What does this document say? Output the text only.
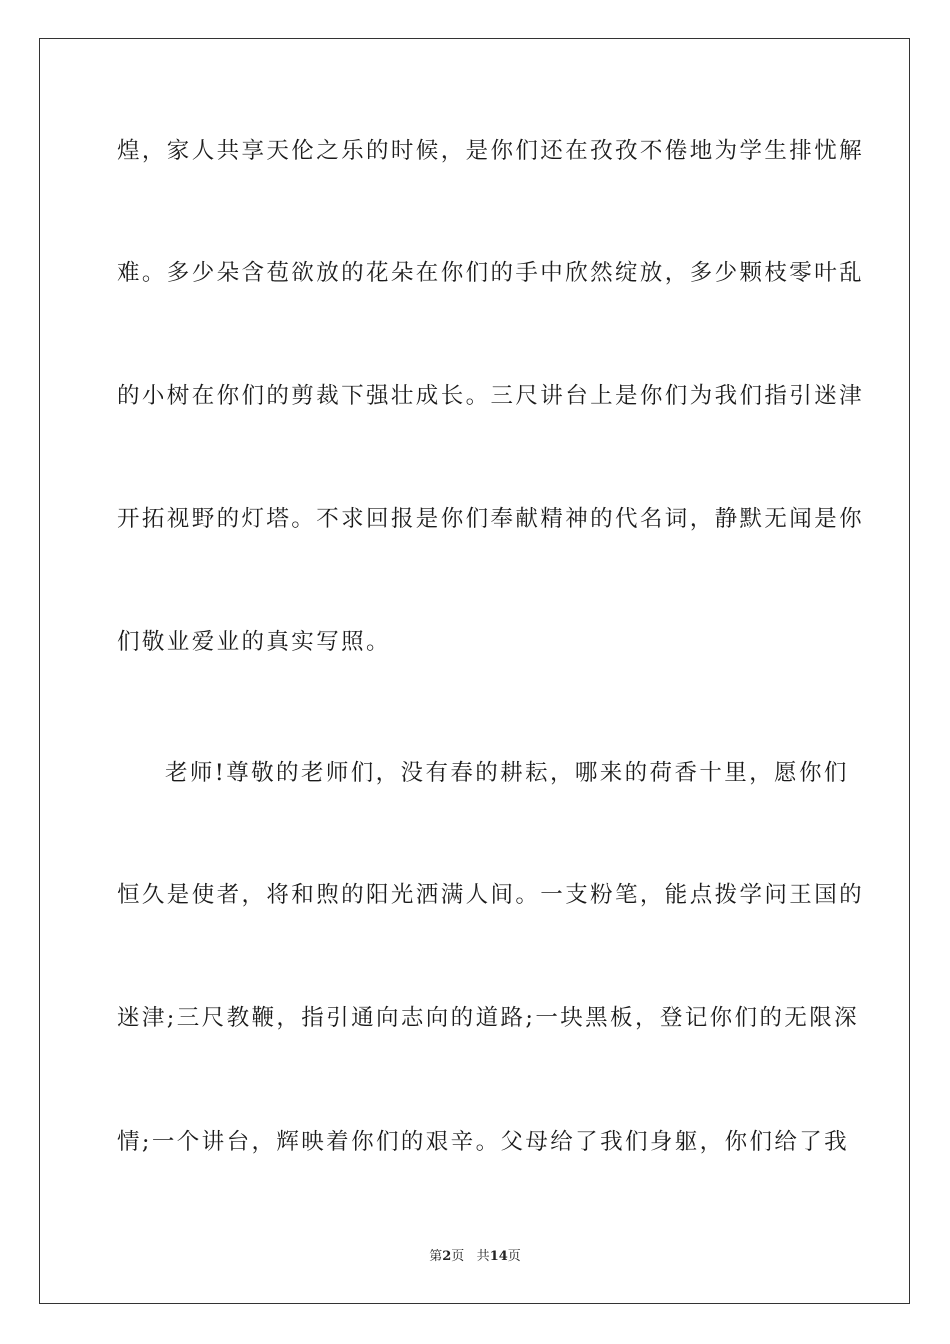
煌，家人共享天伦之乐的时候，是你们还在孜孜不倦地为学生排忧解
难。多少朵含苞欲放的花朵在你们的手中欣然绽放，多少颗枝零叶乱
的小树在你们的剪裁下强壮成长。三尺讲台上是你们为我们指引迷津
开拓视野的灯塔。不求回报是你们奉献精神的代名词，静默无闻是你
们敬业爱业的真实写照。
老师!尊敬的老师们，没有春的耕耘，哪来的荷香十里，愿你们
恒久是使者，将和煦的阳光洒满人间。一支粉笔，能点拨学问王国的
迷津;三尺教鞭，指引通向志向的道路;一块黑板，登记你们的无限深
情;一个讲台，辉映着你们的艰辛。父母给了我们身躯，你们给了我
第2页 共14页
